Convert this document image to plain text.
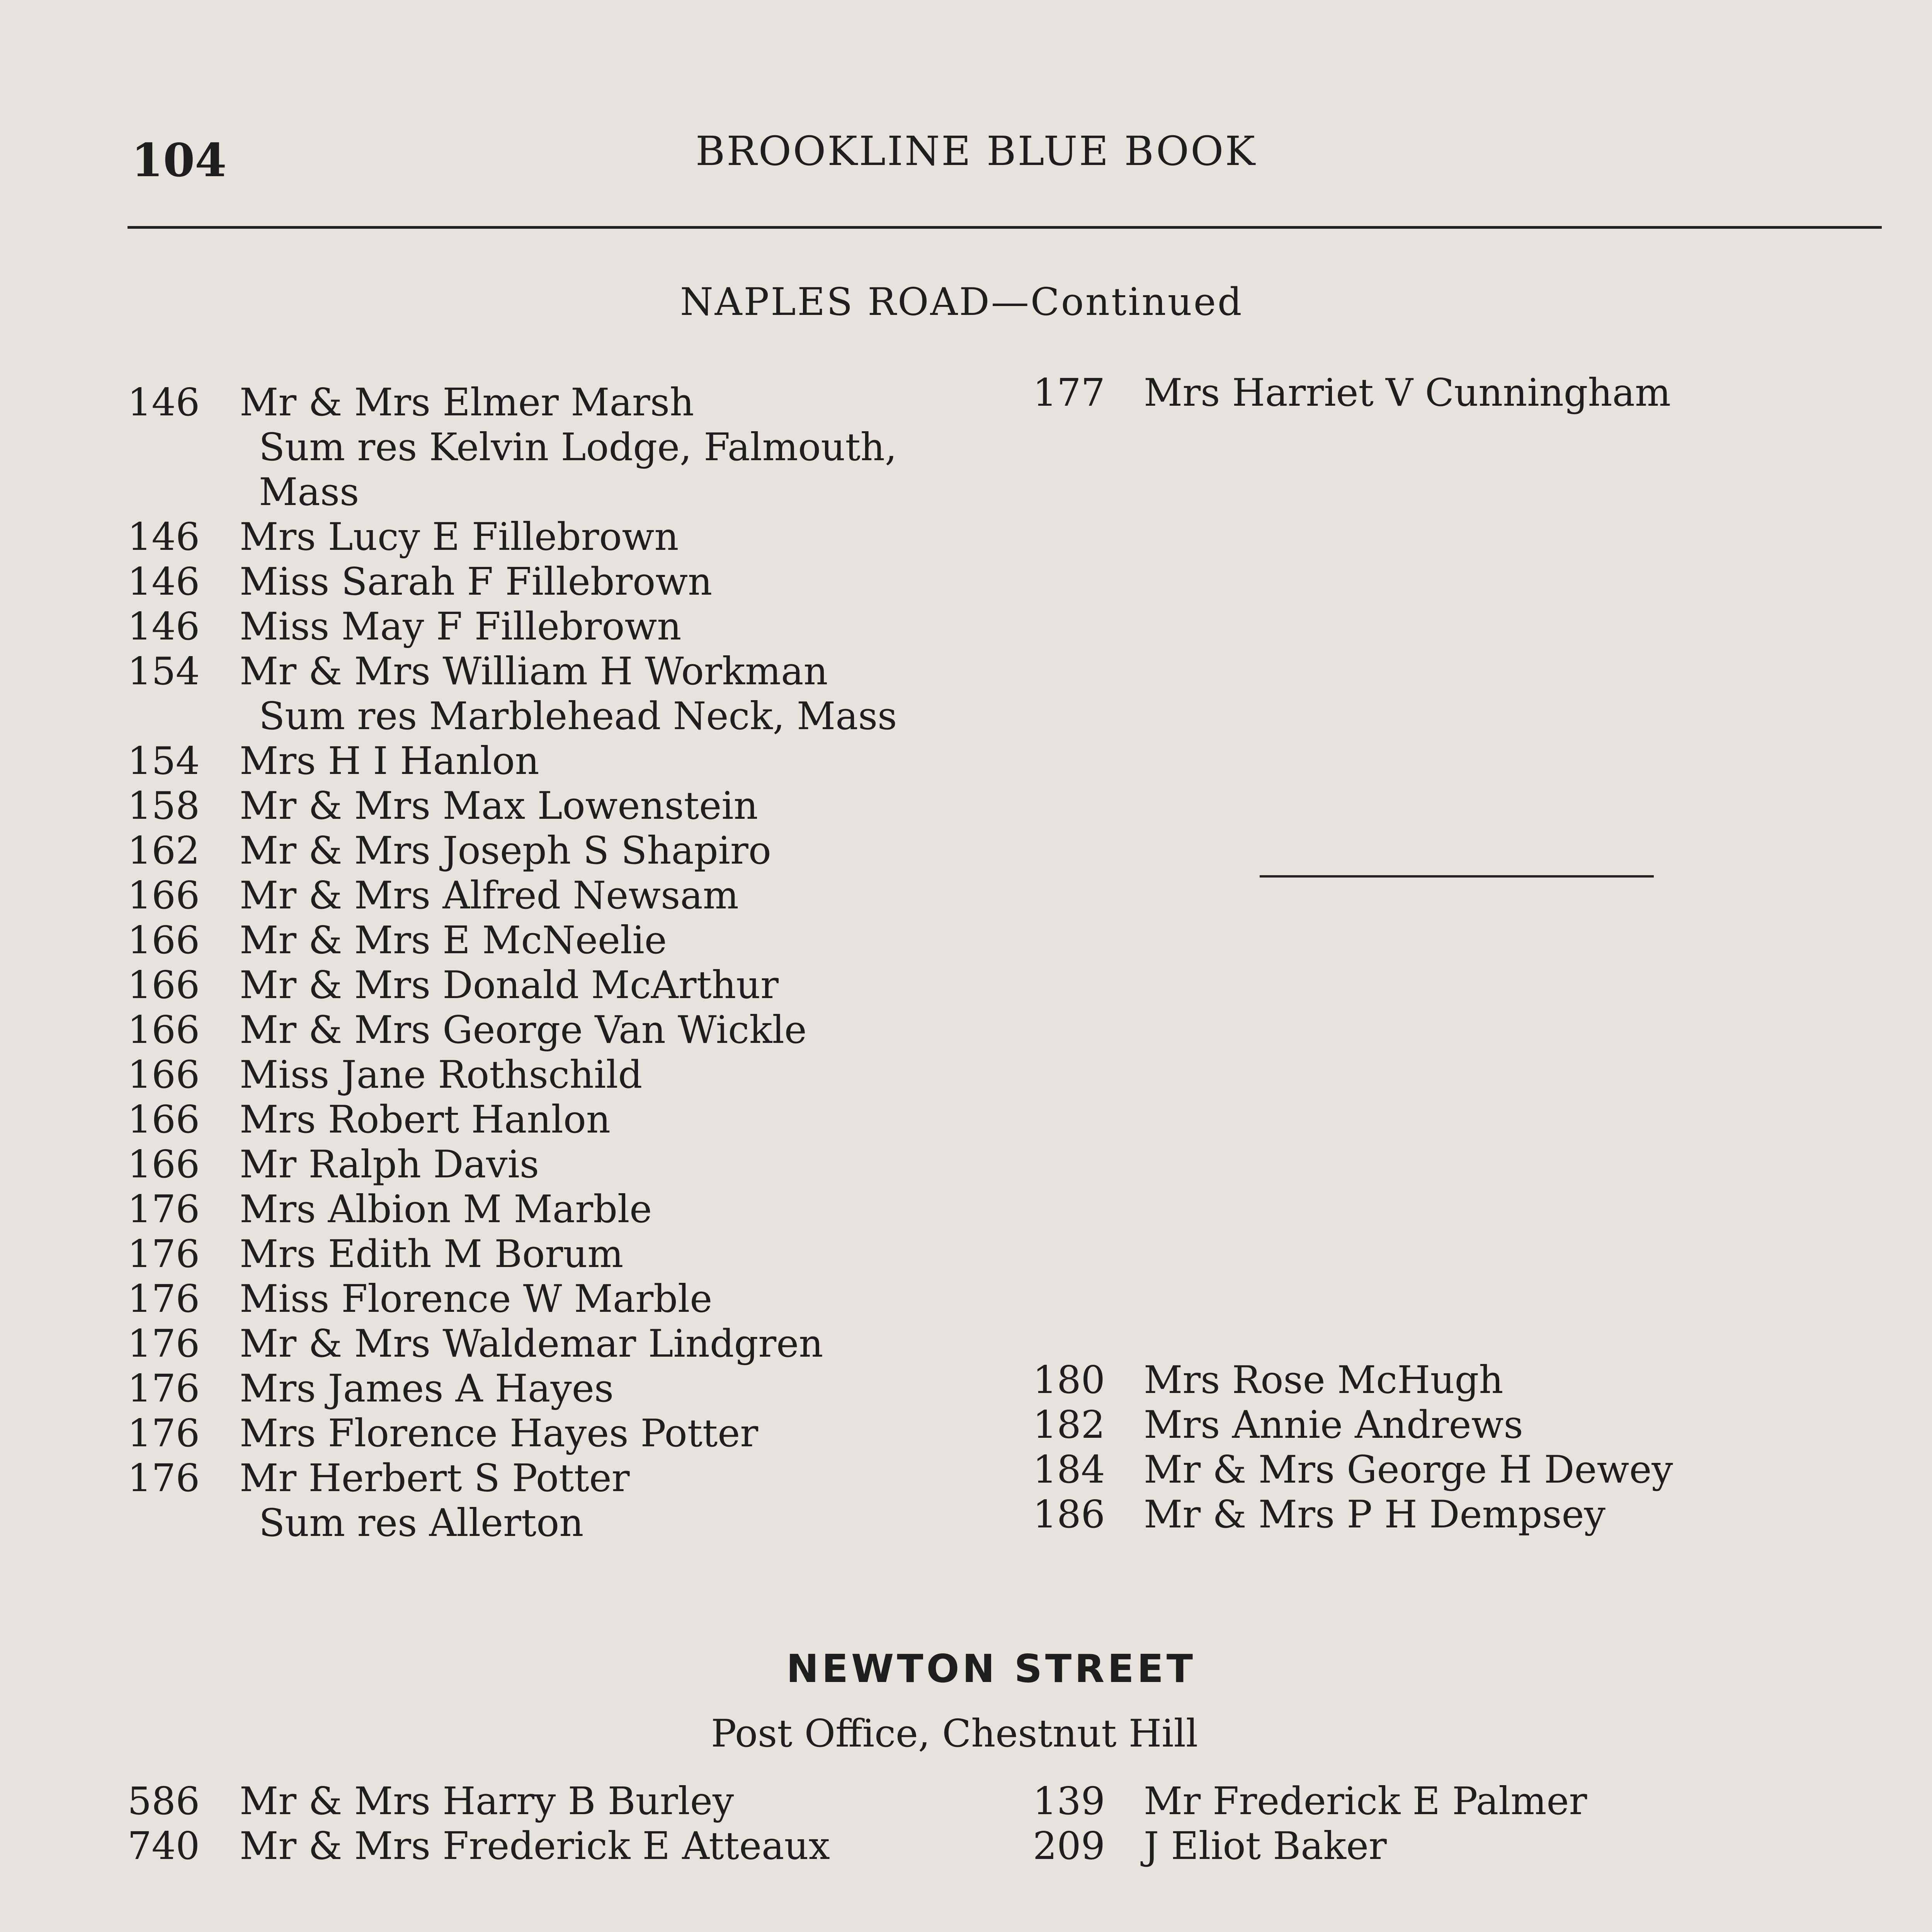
104	BROOKLINE BLUE BOOK
NAPLES ROAD—Continued
146 Mr & Mrs Elmer Marsh
Sum res Kelvin Lodge, Falmouth,
Mass
146 Mrs Lucy E Fillebrown
146 Miss Sarah F Fillebrown
146 Miss May F Fillebrown
154 Mr & Mrs William H Workman
Sum res Marblehead Neck, Mass
154 Mrs H I Hanlon
158 Mr & Mrs Max Lowenstein
162 Mr & Mrs Joseph S Shapiro
166 Mr & Mrs Alfred Newsam
166 Mr & Mrs E McNeelie
166 Mr & Mrs Donald McArthur
166 Mr & Mrs George Van Wickle
166 Miss Jane Rothschild
166 Mrs Robert Hanlon
166 Mr Ralph Davis
176 Mrs Albion M Marble
176 Mrs Edith M Borum
176 Miss Florence W Marble
176 Mr & Mrs Waldemar Lindgren
176 Mrs James A Hayes
176 Mrs Florence Hayes Potter
176 Mr Herbert S Potter
Sum res Allerton
177 Mrs Harriet V Cunningham
180 Mrs Rose McHugh
182 Mrs Annie Andrews
184 Mr & Mrs George H Dewey
186 Mr & Mrs P H Dempsey
NEWTON STREET
Post Office, Chestnut Hill
586 Mr & Mrs Harry B Burley
740 Mr & Mrs Frederick E Atteaux
139 Mr Frederick E Palmer
209 J Eliot Baker
